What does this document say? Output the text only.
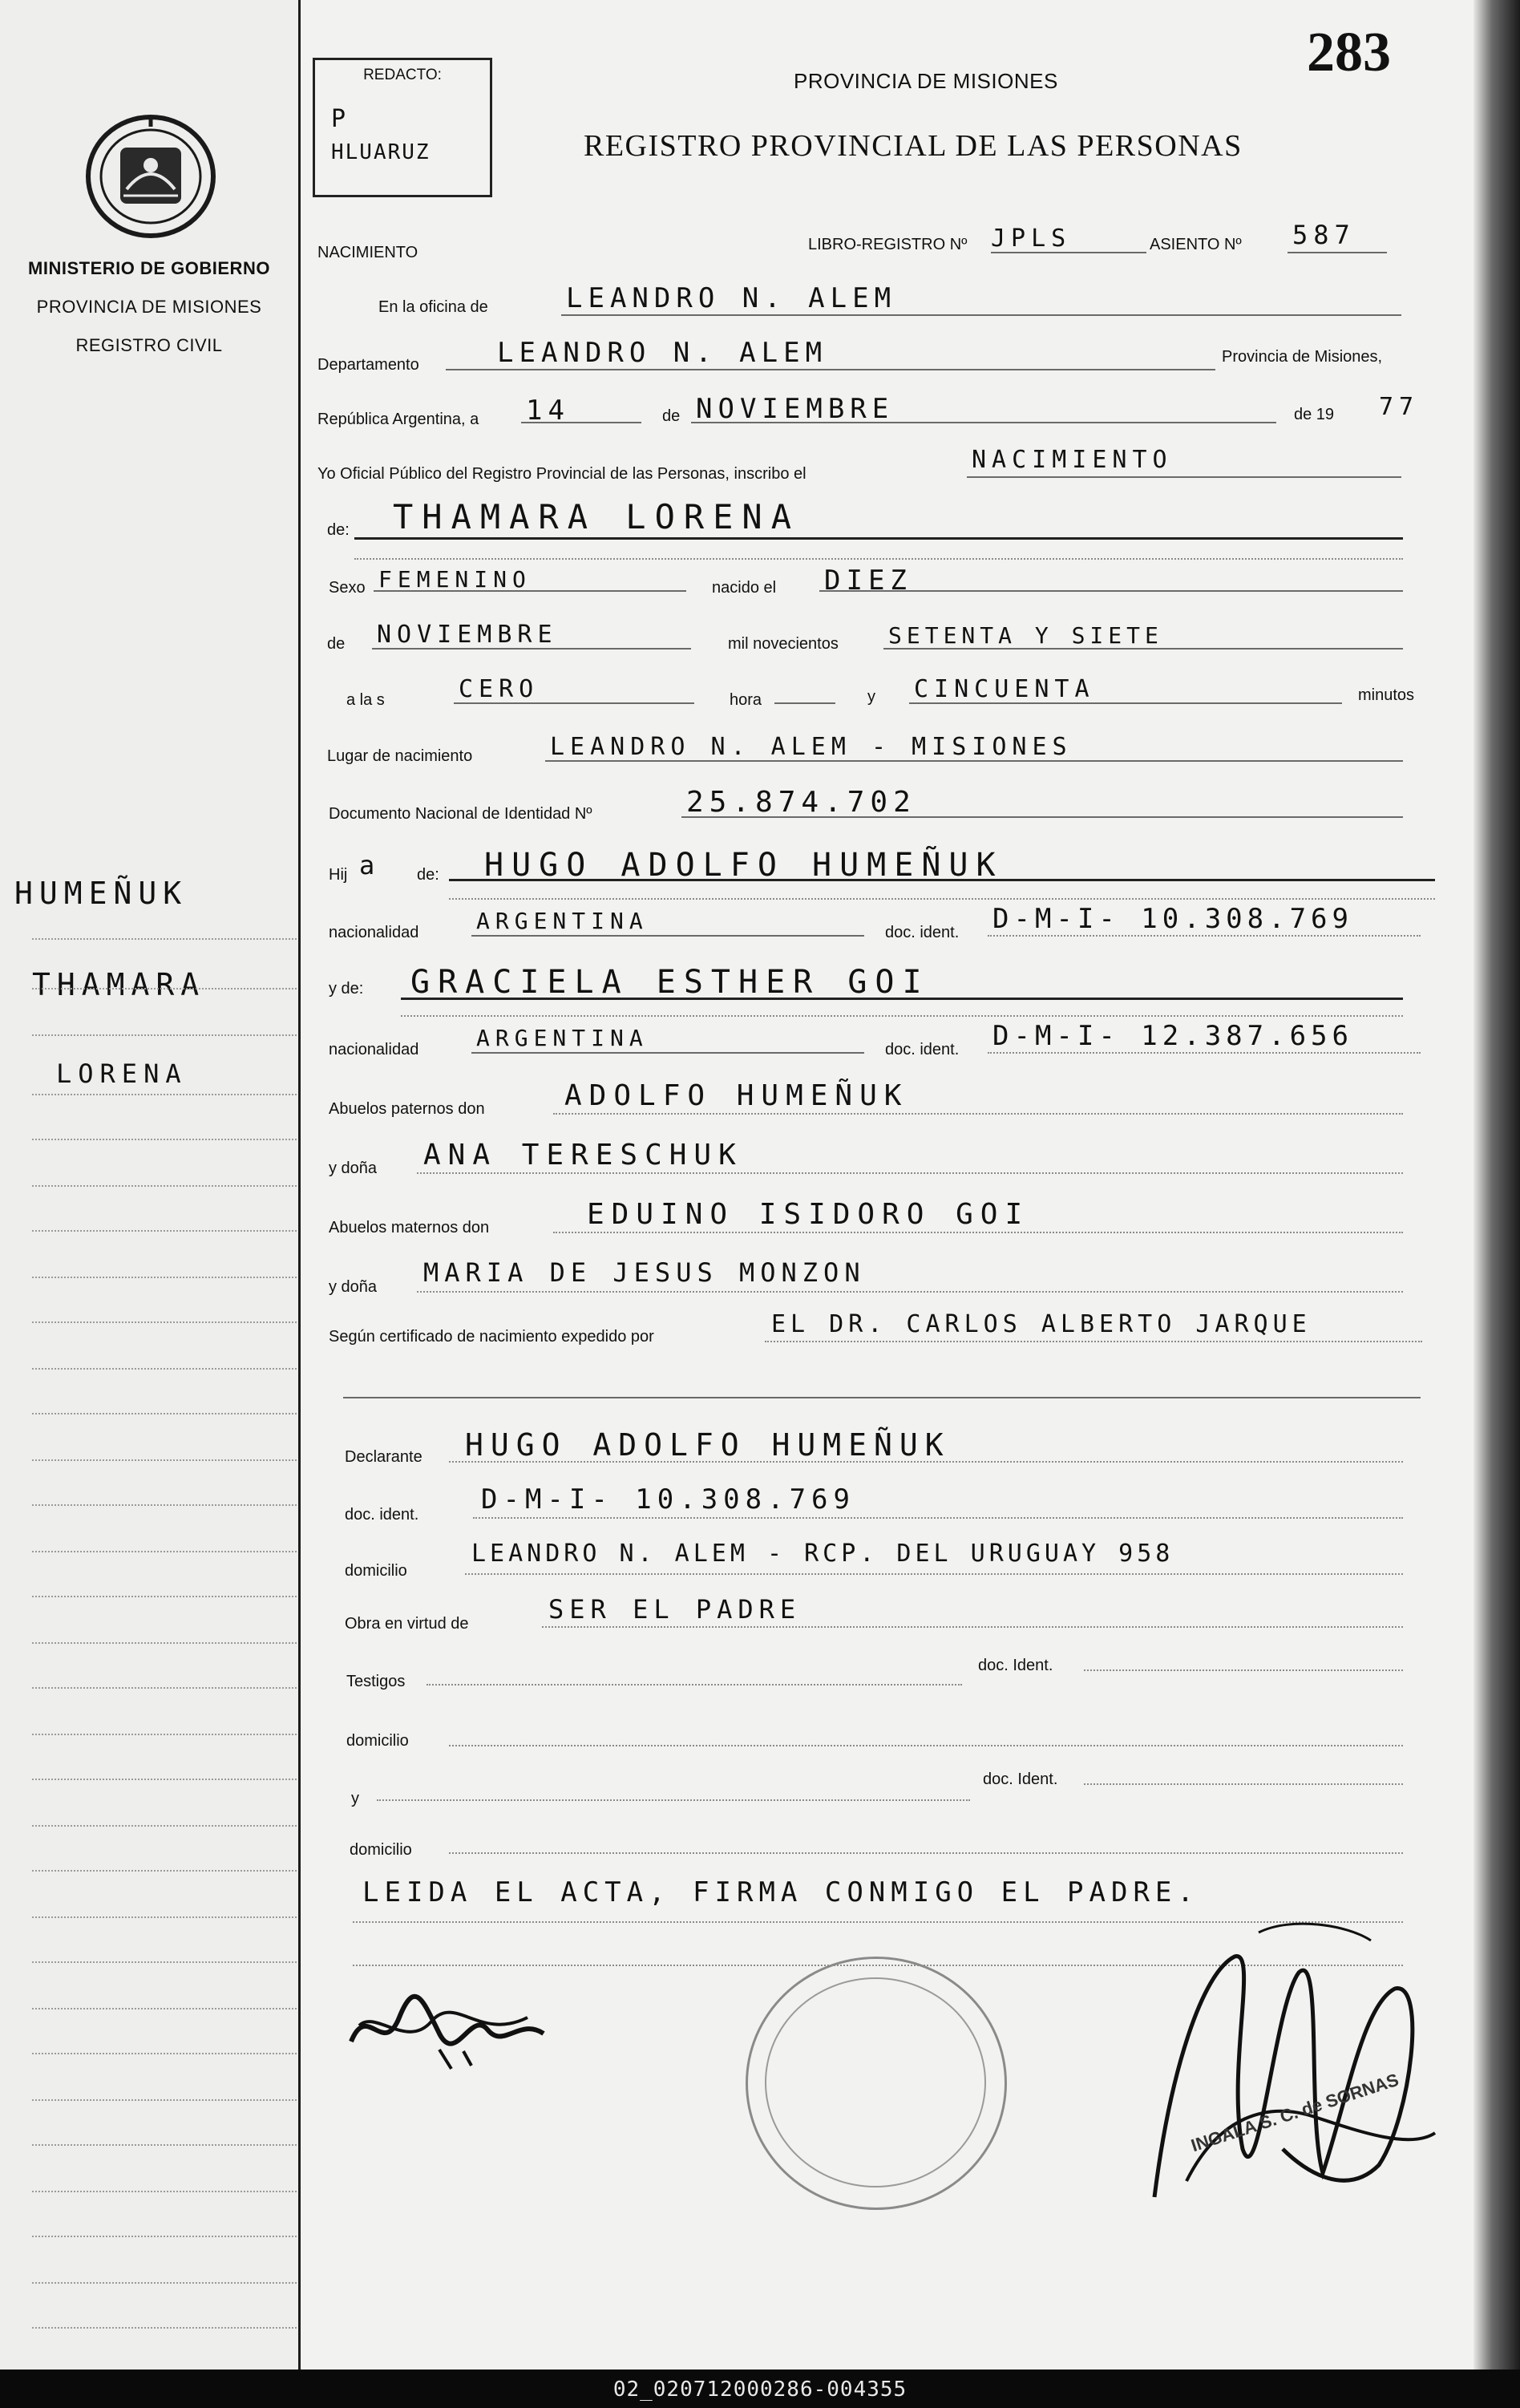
MINISTERIO DE GOBIERNO
PROVINCIA DE MISIONES
REGISTRO CIVIL
HUMEÑUK
THAMARA
LORENA
REDACTO:
P
HLUARUZ
283
PROVINCIA DE MISIONES
REGISTRO PROVINCIAL DE LAS PERSONAS
NACIMIENTO	LIBRO-REGISTRO Nº JPLS	ASIENTO Nº 587
En la oficina de	LEANDRO N. ALEM
Departamento	LEANDRO N. ALEM	Provincia de Misiones,
República Argentina, a 14	de NOVIEMBRE	de 19 77
Yo Oficial Público del Registro Provincial de las Personas, inscribo el	NACIMIENTO
de: THAMARA LORENA
Sexo FEMENINO	nacido el DIEZ
de NOVIEMBRE	mil novecientos SETENTA Y SIETE
a la s	CERO	hora	y CINCUENTA	minutos
Lugar de nacimiento	LEANDRO N. ALEM - MISIONES
Documento Nacional de Identidad Nº	25.874.702
Hij a de: HUGO ADOLFO HUMEÑUK
nacionalidad	ARGENTINA	doc. ident. D-M-I- 10.308.769
y de: GRACIELA ESTHER GOI
nacionalidad	ARGENTINA	doc. ident. D-M-I- 12.387.656
Abuelos paternos don	ADOLFO HUMEÑUK
y doña ANA TERESCHUK
Abuelos maternos don	EDUINO ISIDORO GOI
y doña MARIA DE JESUS MONZON
Según certificado de nacimiento expedido por	EL DR. CARLOS ALBERTO JARQUE
Declarante HUGO ADOLFO HUMEÑUK
doc. ident. D-M-I- 10.308.769
domicilio
LEANDRO N. ALEM - RCP. DEL URUGUAY 958
Obra en virtud de	SER EL PADRE
Testigos
doc. Ident.
domicilio
y
doc. Ident.
domicilio
LEIDA EL ACTA, FIRMA CONMIGO EL PADRE.
INGALA S. C. de SORNAS
02_020712000286-004355
